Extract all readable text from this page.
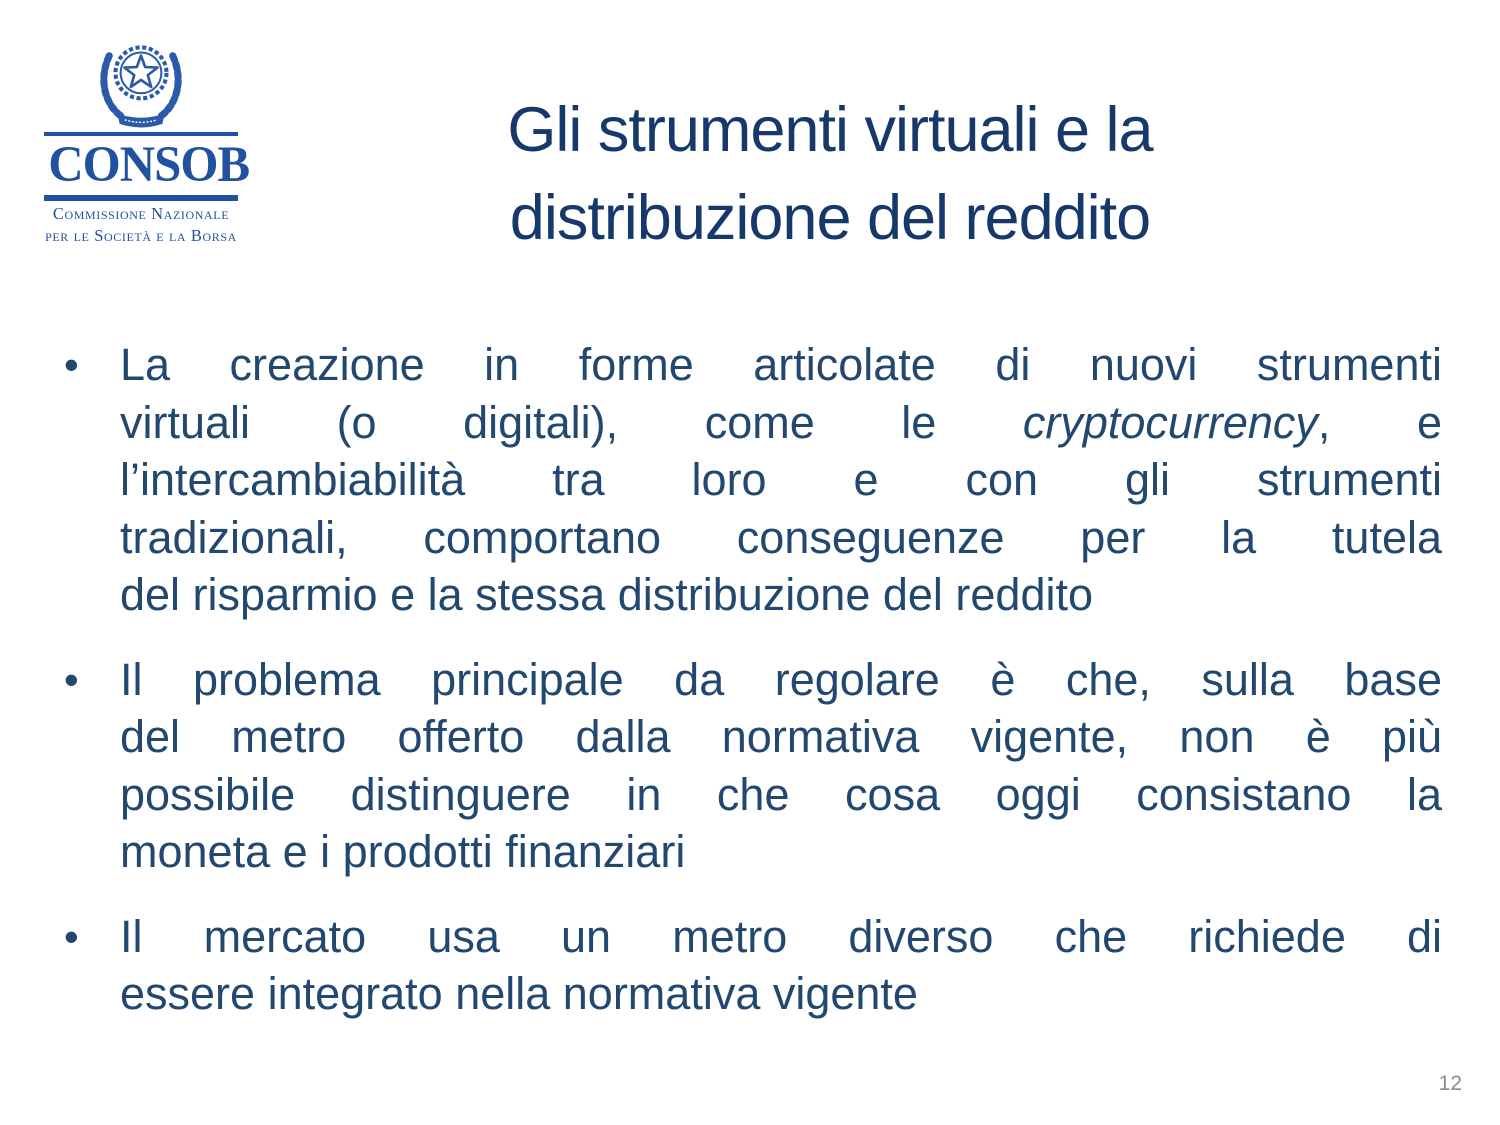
CONSOB
Commissione Nazionale
per le Società e la Borsa
Gli strumenti virtuali e la
distribuzione del reddito
• La creazione in forme articolate di nuovi strumenti
virtuali (o digitali), come le cryptocurrency, e
l’intercambiabilità tra loro e con gli strumenti
tradizionali, comportano conseguenze per la tutela
del risparmio e la stessa distribuzione del reddito
• Il problema principale da regolare è che, sulla base
del metro offerto dalla normativa vigente, non è più
possibile distinguere in che cosa oggi consistano la
moneta e i prodotti finanziari
• Il mercato usa un metro diverso che richiede di
essere integrato nella normativa vigente
12
